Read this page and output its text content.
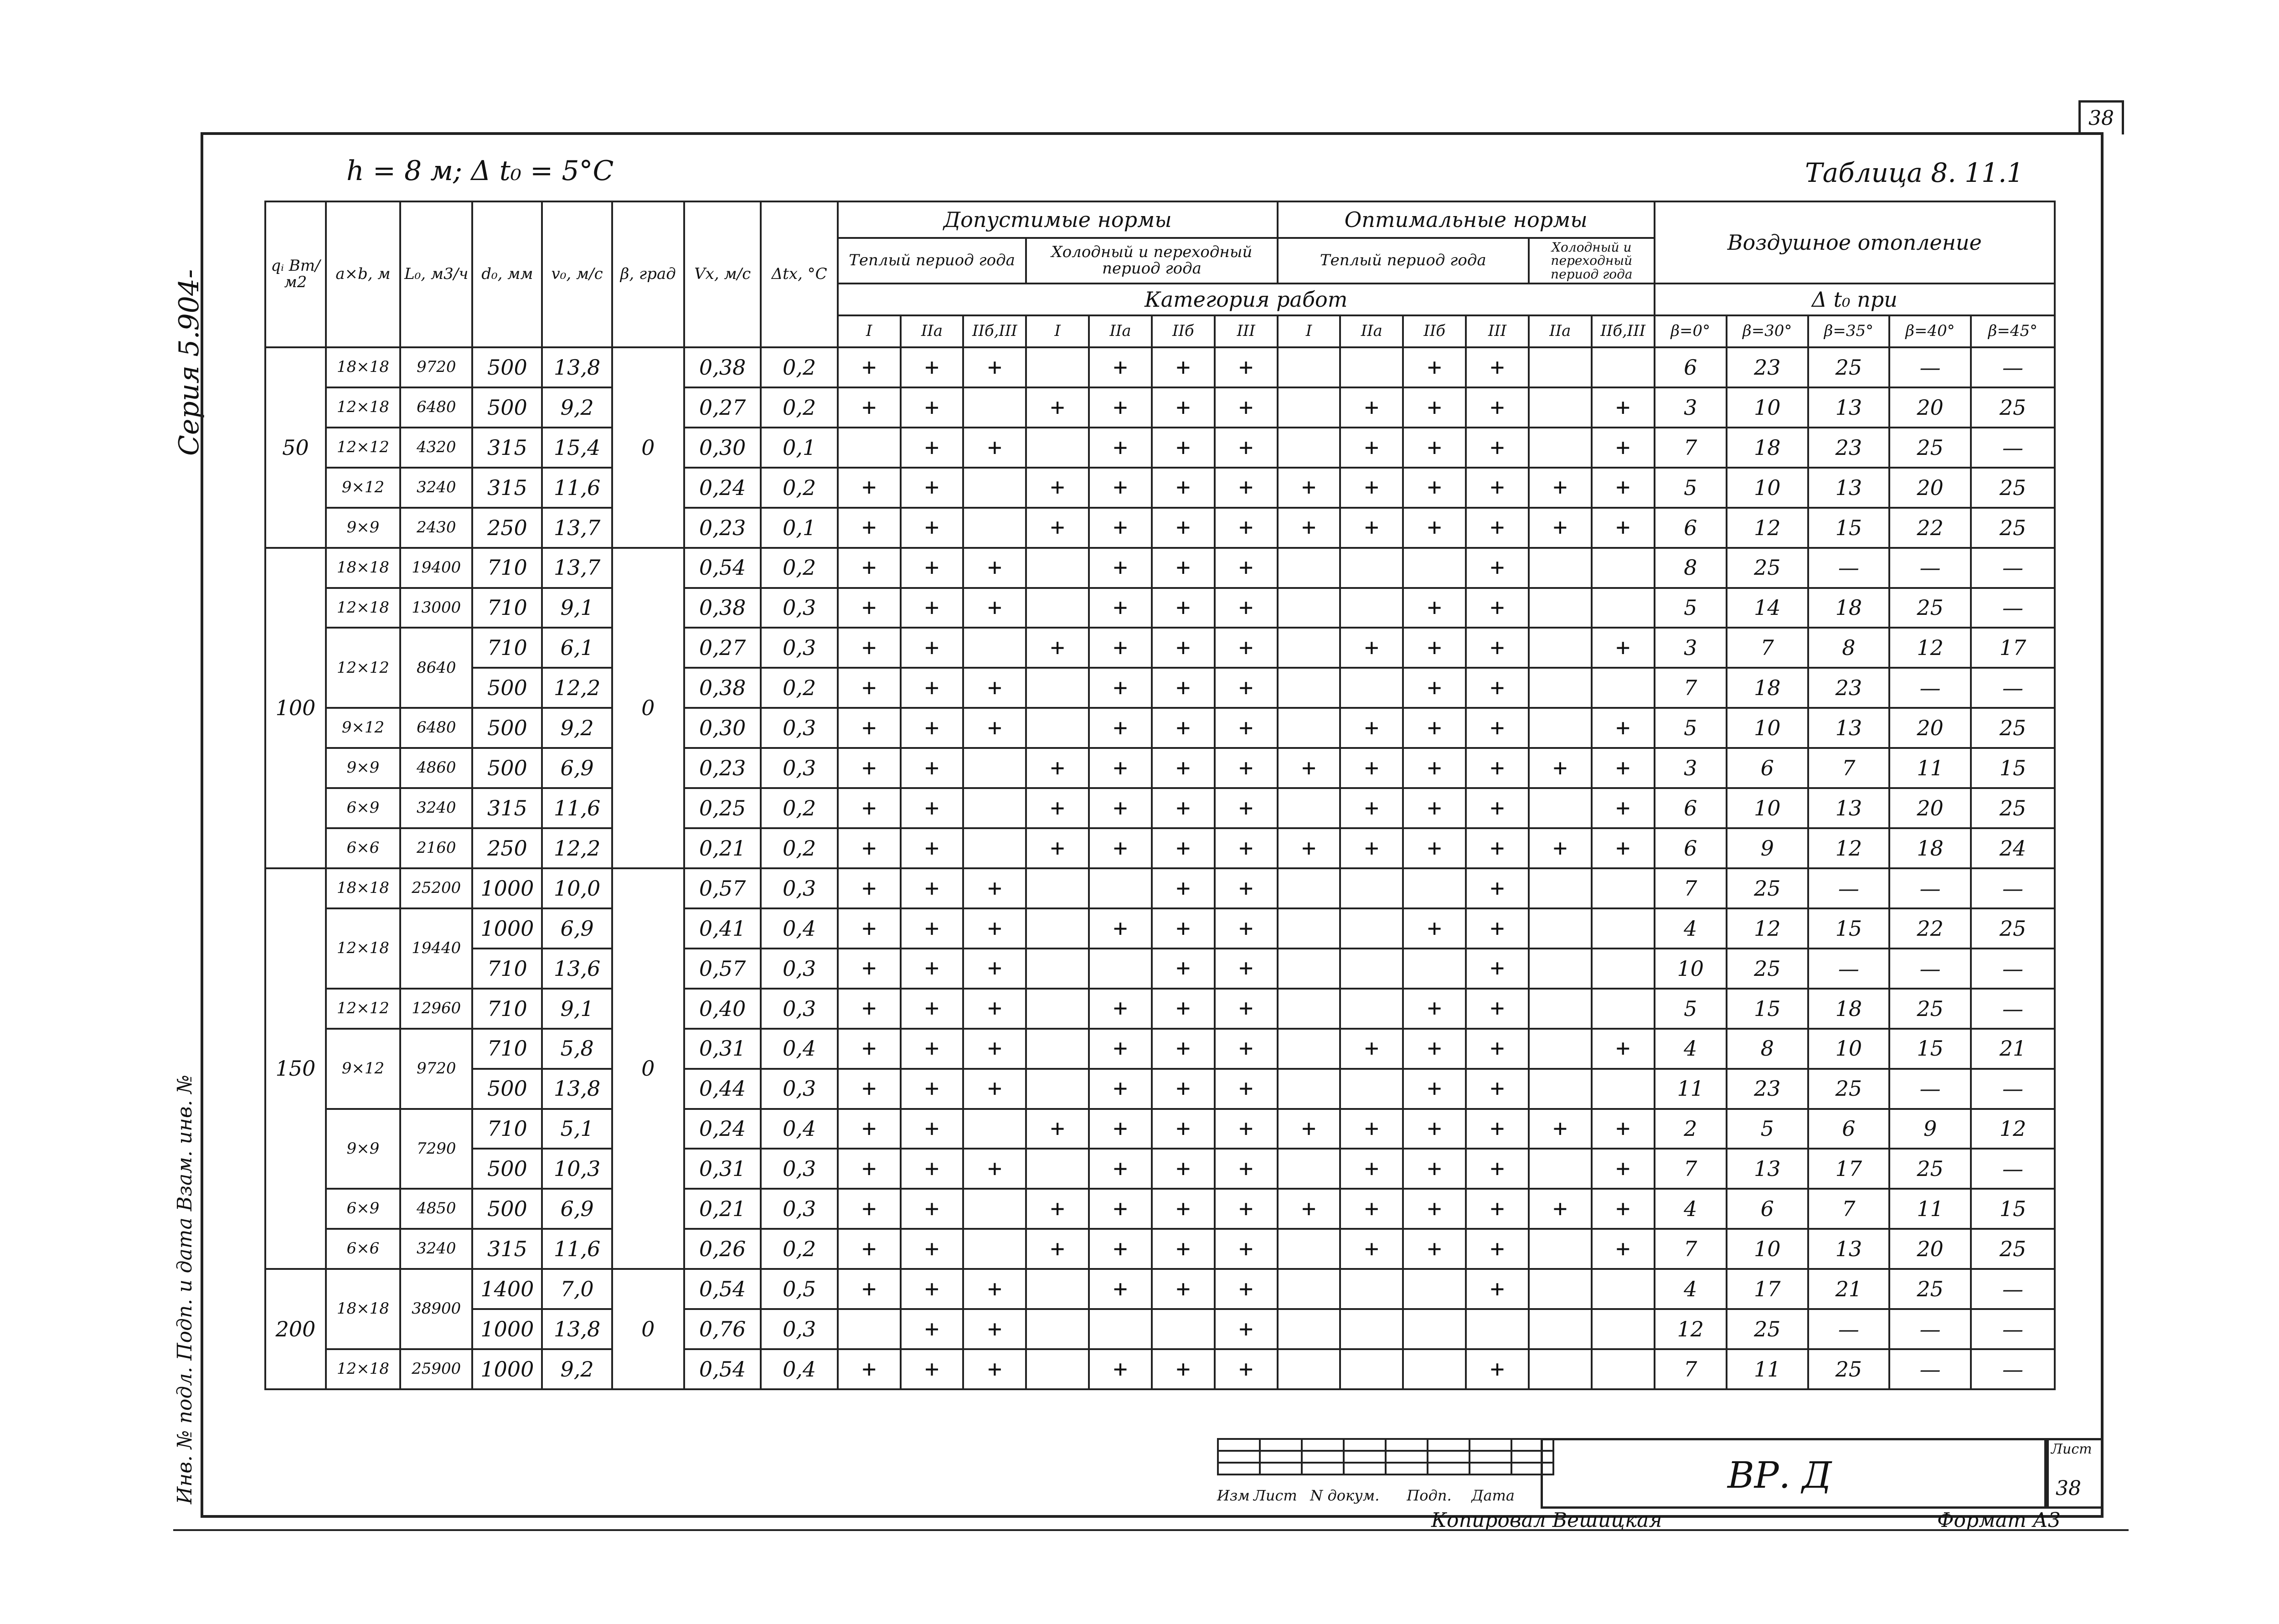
Серия 5.904-
Инв. № подл. Подп. и дата Взам. инв. №
38
h = 8 м; Δ t₀ = 5°C	Таблица 8. 11.1
qᵢ Вт/м2	a×b, м	L₀, м3/ч	d₀, мм	v₀, м/с	β, град	Vх, м/с	Δtх, °C	Допустимые нормы							Оптимальные нормы						Воздушное отопление				
								Теплый период года			Холодный и переходный период года				Теплый период года				Холодный и переходный период года						
								Категория работ													Δ t₀ при				
								I	IIа	IIб,III	I	IIа	IIб	III	I	IIа	IIб	III	IIа	IIб,III	β=0°	β=30°	β=35°	β=40°	β=45°
50	18×18	9720	500	13,8	0	0,38	0,2	+	+	+		+	+	+			+	+			6	23	25	—	—
	12×18	6480	500	9,2		0,27	0,2	+	+		+	+	+	+		+	+	+		+	3	10	13	20	25
	12×12	4320	315	15,4		0,30	0,1		+	+		+	+	+		+	+	+		+	7	18	23	25	—
	9×12	3240	315	11,6		0,24	0,2	+	+		+	+	+	+	+	+	+	+	+	+	5	10	13	20	25
	9×9	2430	250	13,7		0,23	0,1	+	+		+	+	+	+	+	+	+	+	+	+	6	12	15	22	25
100	18×18	19400	710	13,7	0	0,54	0,2	+	+	+		+	+	+				+			8	25	—	—	—
	12×18	13000	710	9,1		0,38	0,3	+	+	+		+	+	+			+	+			5	14	18	25	—
	12×12	8640	710	6,1		0,27	0,3	+	+		+	+	+	+		+	+	+		+	3	7	8	12	17
			500	12,2		0,38	0,2	+	+	+		+	+	+			+	+			7	18	23	—	—
	9×12	6480	500	9,2		0,30	0,3	+	+	+		+	+	+		+	+	+		+	5	10	13	20	25
	9×9	4860	500	6,9		0,23	0,3	+	+		+	+	+	+	+	+	+	+	+	+	3	6	7	11	15
	6×9	3240	315	11,6		0,25	0,2	+	+		+	+	+	+		+	+	+		+	6	10	13	20	25
	6×6	2160	250	12,2		0,21	0,2	+	+		+	+	+	+	+	+	+	+	+	+	6	9	12	18	24
150	18×18	25200	1000	10,0	0	0,57	0,3	+	+	+			+	+				+			7	25	—	—	—
	12×18	19440	1000	6,9		0,41	0,4	+	+	+		+	+	+			+	+			4	12	15	22	25
			710	13,6		0,57	0,3	+	+	+			+	+				+			10	25	—	—	—
	12×12	12960	710	9,1		0,40	0,3	+	+	+		+	+	+			+	+			5	15	18	25	—
	9×12	9720	710	5,8		0,31	0,4	+	+	+		+	+	+		+	+	+		+	4	8	10	15	21
			500	13,8		0,44	0,3	+	+	+		+	+	+			+	+			11	23	25	—	—
	9×9	7290	710	5,1		0,24	0,4	+	+		+	+	+	+	+	+	+	+	+	+	2	5	6	9	12
			500	10,3		0,31	0,3	+	+	+		+	+	+		+	+	+		+	7	13	17	25	—
	6×9	4850	500	6,9		0,21	0,3	+	+		+	+	+	+	+	+	+	+	+	+	4	6	7	11	15
	6×6	3240	315	11,6		0,26	0,2	+	+		+	+	+	+		+	+	+		+	7	10	13	20	25
200	18×18	38900	1400	7,0	0	0,54	0,5	+	+	+		+	+	+				+			4	17	21	25	—
			1000	13,8		0,76	0,3		+	+				+							12	25	—	—	—
	12×18	25900	1000	9,2		0,54	0,4	+	+	+		+	+	+				+			7	11	25	—	—

Изм Лист N докум. Подп. Дата	ВР. Д
Лист
38
Копировал Вешицкая	Формат А3
